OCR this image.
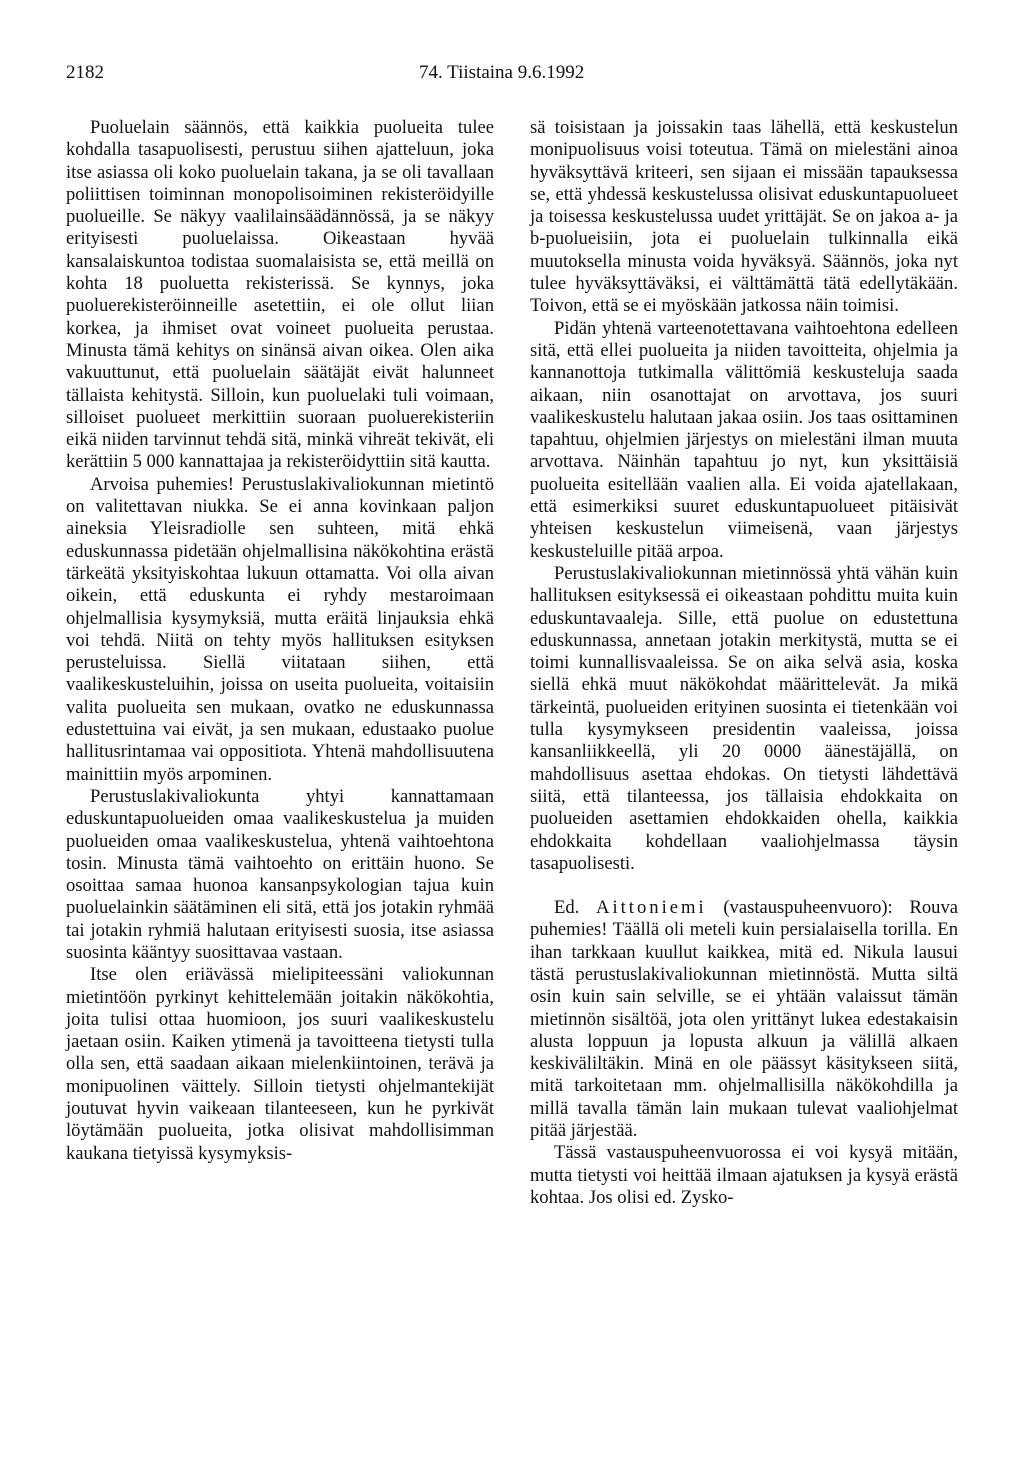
2182	74. Tiistaina 9.6.1992

Puoluelain säännös, että kaikkia puolueita tulee kohdalla tasapuolisesti, perustuu siihen ajatteluun, joka itse asiassa oli koko puoluelain takana, ja se oli tavallaan poliittisen toiminnan monopolisoiminen rekisteröidyille puolueille. Se näkyy vaalilainsäädännössä, ja se näkyy erityisesti puoluelaissa. Oikeastaan hyvää kansalaiskuntoa todistaa suomalaisista se, että meillä on kohta 18 puoluetta rekisterissä. Se kynnys, joka puoluerekisteröinneille asetettiin, ei ole ollut liian korkea, ja ihmiset ovat voineet puolueita perustaa. Minusta tämä kehitys on sinänsä aivan oikea. Olen aika vakuuttunut, että puoluelain säätäjät eivät halunneet tällaista kehitystä. Silloin, kun puoluelaki tuli voimaan, silloiset puolueet merkittiin suoraan puoluerekisteriin eikä niiden tarvinnut tehdä sitä, minkä vihreät tekivät, eli kerättiin 5 000 kannattajaa ja rekisteröidyttiin sitä kautta.

Arvoisa puhemies! Perustuslakivaliokunnan mietintö on valitettavan niukka. Se ei anna kovinkaan paljon aineksia Yleisradiolle sen suhteen, mitä ehkä eduskunnassa pidetään ohjelmallisina näkökohtina erästä tärkeätä yksityiskohtaa lukuun ottamatta. Voi olla aivan oikein, että eduskunta ei ryhdy mestaroimaan ohjelmallisia kysymyksiä, mutta eräitä linjauksia ehkä voi tehdä. Niitä on tehty myös hallituksen esityksen perusteluissa. Siellä viitataan siihen, että vaalikeskusteluihin, joissa on useita puolueita, voitaisiin valita puolueita sen mukaan, ovatko ne eduskunnassa edustettuina vai eivät, ja sen mukaan, edustaako puolue hallitusrintamaa vai oppositiota. Yhtenä mahdollisuutena mainittiin myös arpominen.

Perustuslakivaliokunta yhtyi kannattamaan eduskuntapuolueiden omaa vaalikeskustelua ja muiden puolueiden omaa vaalikeskustelua, yhtenä vaihtoehtona tosin. Minusta tämä vaihtoehto on erittäin huono. Se osoittaa samaa huonoa kansanpsykologian tajua kuin puoluelainkin säätäminen eli sitä, että jos jotakin ryhmää tai jotakin ryhmiä halutaan erityisesti suosia, itse asiassa suosinta kääntyy suosittavaa vastaan.

Itse olen eriävässä mielipiteessäni valiokunnan mietintöön pyrkinyt kehittelemään joitakin näkökohtia, joita tulisi ottaa huomioon, jos suuri vaalikeskustelu jaetaan osiin. Kaiken ytimenä ja tavoitteena tietysti tulla olla sen, että saadaan aikaan mielenkiintoinen, terävä ja monipuolinen väittely. Silloin tietysti ohjelmantekijät joutuvat hyvin vaikeaan tilanteeseen, kun he pyrkivät löytämään puolueita, jotka olisivat mahdollisimman kaukana tietyissä kysymyksis-

sä toisistaan ja joissakin taas lähellä, että keskustelun monipuolisuus voisi toteutua. Tämä on mielestäni ainoa hyväksyttävä kriteeri, sen sijaan ei missään tapauksessa se, että yhdessä keskustelussa olisivat eduskuntapuolueet ja toisessa keskustelussa uudet yrittäjät. Se on jakoa a- ja b-puolueisiin, jota ei puoluelain tulkinnalla eikä muutoksella minusta voida hyväksyä. Säännös, joka nyt tulee hyväksyttäväksi, ei välttämättä tätä edellytäkään. Toivon, että se ei myöskään jatkossa näin toimisi.

Pidän yhtenä varteenotettavana vaihtoehtona edelleen sitä, että ellei puolueita ja niiden tavoitteita, ohjelmia ja kannanottoja tutkimalla välittömiä keskusteluja saada aikaan, niin osanottajat on arvottava, jos suuri vaalikeskustelu halutaan jakaa osiin. Jos taas osittaminen tapahtuu, ohjelmien järjestys on mielestäni ilman muuta arvottava. Näinhän tapahtuu jo nyt, kun yksittäisiä puolueita esitellään vaalien alla. Ei voida ajatellakaan, että esimerkiksi suuret eduskuntapuolueet pitäisivät yhteisen keskustelun viimeisenä, vaan järjestys keskusteluille pitää arpoa.

Perustuslakivaliokunnan mietinnössä yhtä vähän kuin hallituksen esityksessä ei oikeastaan pohdittu muita kuin eduskuntavaaleja. Sille, että puolue on edustettuna eduskunnassa, annetaan jotakin merkitystä, mutta se ei toimi kunnallisvaaleissa. Se on aika selvä asia, koska siellä ehkä muut näkökohdat määrittelevät. Ja mikä tärkeintä, puolueiden erityinen suosinta ei tietenkään voi tulla kysymykseen presidentin vaaleissa, joissa kansanliikkeellä, yli 20 0000 äänestäjällä, on mahdollisuus asettaa ehdokas. On tietysti lähdettävä siitä, että tilanteessa, jos tällaisia ehdokkaita on puolueiden asettamien ehdokkaiden ohella, kaikkia ehdokkaita kohdellaan vaaliohjelmassa täysin tasapuolisesti.

Ed. Aittoniemi (vastauspuheenvuoro): Rouva puhemies! Täällä oli meteli kuin persialaisella torilla. En ihan tarkkaan kuullut kaikkea, mitä ed. Nikula lausui tästä perustuslakivaliokunnan mietinnöstä. Mutta siltä osin kuin sain selville, se ei yhtään valaissut tämän mietinnön sisältöä, jota olen yrittänyt lukea edestakaisin alusta loppuun ja lopusta alkuun ja välillä alkaen keskiväliltäkin. Minä en ole päässyt käsitykseen siitä, mitä tarkoitetaan mm. ohjelmallisilla näkökohdilla ja millä tavalla tämän lain mukaan tulevat vaaliohjelmat pitää järjestää.

Tässä vastauspuheenvuorossa ei voi kysyä mitään, mutta tietysti voi heittää ilmaan ajatuksen ja kysyä erästä kohtaa. Jos olisi ed. Zysko-
